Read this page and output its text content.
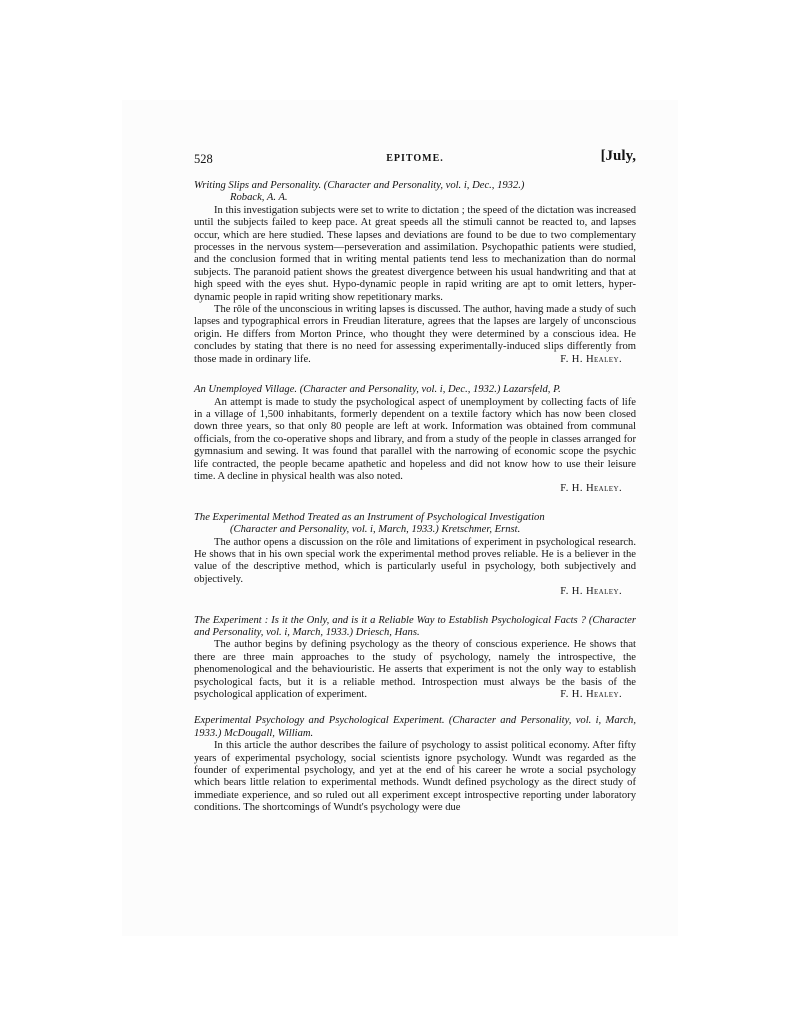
528	EPITOME.	[July,
Writing Slips and Personality. (Character and Personality, vol. i, Dec., 1932.)
Roback, A. A.

In this investigation subjects were set to write to dictation ; the speed of the dictation was increased until the subjects failed to keep pace. At great speeds all the stimuli cannot be reacted to, and lapses occur, which are here studied. These lapses and deviations are found to be due to two complementary processes in the nervous system—perseveration and assimilation. Psychopathic patients were studied, and the conclusion formed that in writing mental patients tend less to mechanization than do normal subjects. The paranoid patient shows the greatest divergence between his usual handwriting and that at high speed with the eyes shut. Hypo-dynamic people in rapid writing are apt to omit letters, hyper-dynamic people in rapid writing show repetitionary marks.

The rôle of the unconscious in writing lapses is discussed. The author, having made a study of such lapses and typographical errors in Freudian literature, agrees that the lapses are largely of unconscious origin. He differs from Morton Prince, who thought they were determined by a conscious idea. He concludes by stating that there is no need for assessing experimentally-induced slips differently from those made in ordinary life.	F. H. Healey.

An Unemployed Village. (Character and Personality, vol. i, Dec., 1932.) Lazarsfeld, P.

An attempt is made to study the psychological aspect of unemployment by collecting facts of life in a village of 1,500 inhabitants, formerly dependent on a textile factory which has now been closed down three years, so that only 80 people are left at work. Information was obtained from communal officials, from the co-operative shops and library, and from a study of the people in classes arranged for gymnasium and sewing. It was found that parallel with the narrowing of economic scope the psychic life contracted, the people became apathetic and hopeless and did not know how to use their leisure time. A decline in physical health was also noted.

F. H. Healey.
The Experimental Method Treated as an Instrument of Psychological Investigation
(Character and Personality, vol. i, March, 1933.) Kretschmer, Ernst.

The author opens a discussion on the rôle and limitations of experiment in psychological research. He shows that in his own special work the experimental method proves reliable. He is a believer in the value of the descriptive method, which is particularly useful in psychology, both subjectively and objectively.

F. H. Healey.
The Experiment : Is it the Only, and is it a Reliable Way to Establish Psychological Facts ? (Character and Personality, vol. i, March, 1933.) Driesch, Hans.

The author begins by defining psychology as the theory of conscious experience. He shows that there are three main approaches to the study of psychology, namely the introspective, the phenomenological and the behaviouristic. He asserts that experiment is not the only way to establish psychological facts, but it is a reliable method. Introspection must always be the basis of the psychological application of experiment.	F. H. Healey.

Experimental Psychology and Psychological Experiment. (Character and Personality, vol. i, March, 1933.) McDougall, William.

In this article the author describes the failure of psychology to assist political economy. After fifty years of experimental psychology, social scientists ignore psychology. Wundt was regarded as the founder of experimental psychology, and yet at the end of his career he wrote a social psychology which bears little relation to experimental methods. Wundt defined psychology as the direct study of immediate experience, and so ruled out all experiment except introspective reporting under laboratory conditions. The shortcomings of Wundt's psychology were due
